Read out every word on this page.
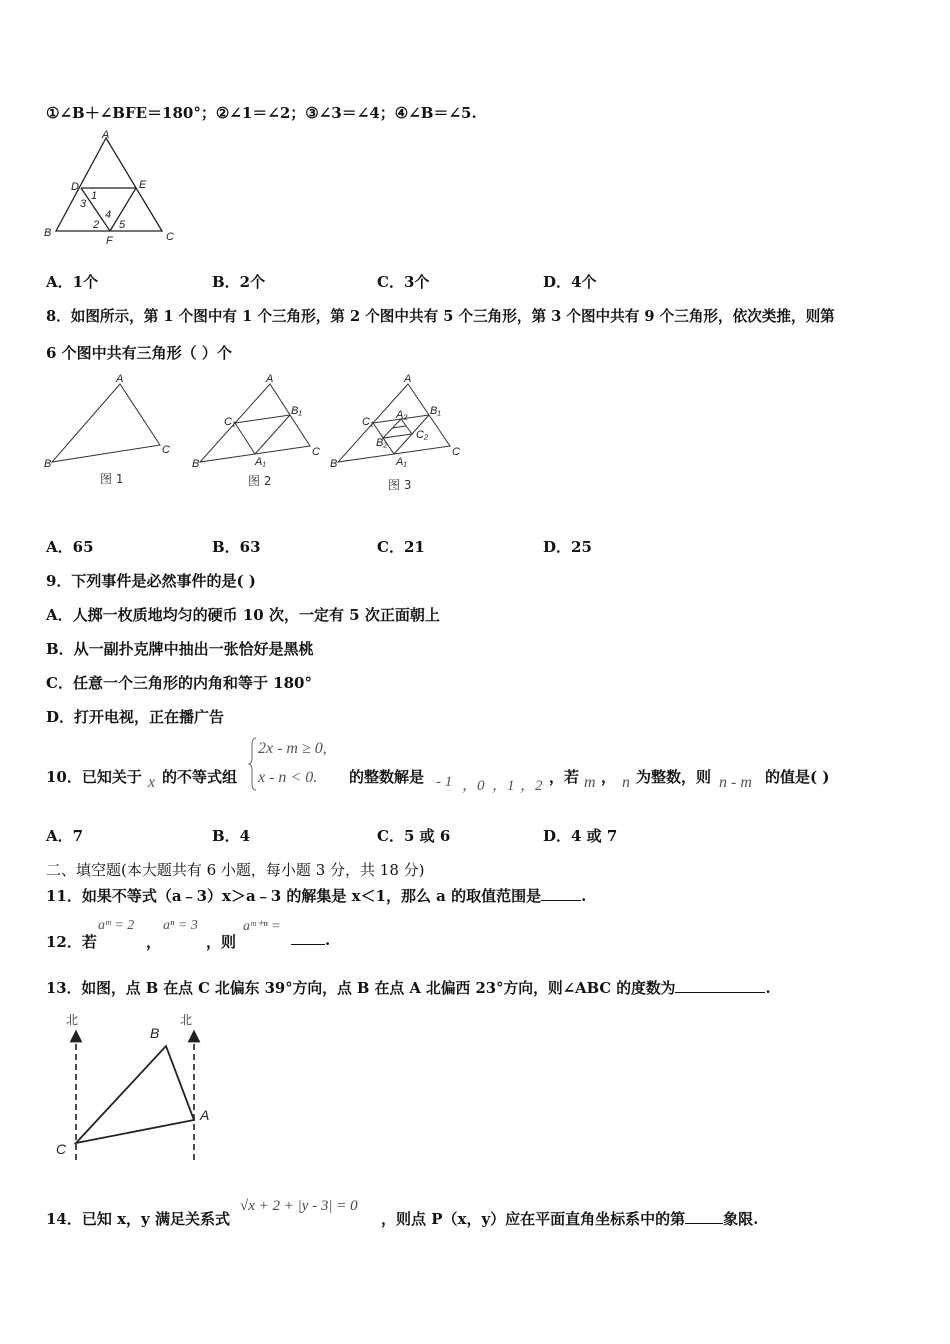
①∠B＋∠BFE＝180°；②∠1＝∠2；③∠3＝∠4；④∠B＝∠5.
A
B	C
D	E
F
1
3
2
4
5
A．1个	B．2个	C．3个	D．4个
8．如图所示，第 1 个图中有 1 个三角形，第 2 个图中共有 5 个三角形，第 3 个图中共有 9 个三角形，依次类推，则第
6 个图中共有三角形（ ）个
A
B
C
图 1
A
B
C
C₁
B₁
A₁
图 2
A
B
C
C₁
B₁
A₁
A₂
B₂
C₂
图 3
A．65	B．63	C．21	D．25
9．下列事件是必然事件的是( )
A．人掷一枚质地均匀的硬币 10 次，一定有 5 次正面朝上
B．从一副扑克牌中抽出一张恰好是黑桃
C．任意一个三角形的内角和等于 180°
D．打开电视，正在播广告
10．已知关于 x 的不等式组
2x - m ≥ 0,
x - n < 0. 的整数解是 - 1 ，0 ，1 ，2 ，若 m ， n 为整数，则 n - m 的值是( )
A．7	B．4	C．5 或 6	D．4 或 7
二、填空题(本大题共有 6 小题，每小题 3 分，共 18 分)
11．如果不等式（a﹣3）x＞a﹣3 的解集是 x＜1，那么 a 的取值范围是	.
12．若
aᵐ = 2
，
aⁿ = 3
，则
aᵐ⁺ⁿ =
.
13．如图，点 B 在点 C 北偏东 39°方向，点 B 在点 A 北偏西 23°方向，则∠ABC 的度数为	.
北	北
B
A
C
14．已知 x，y 满足关系式
√x + 2 + |y - 3| = 0
，则点 P（x，y）应在平面直角坐标系中的第	象限.
